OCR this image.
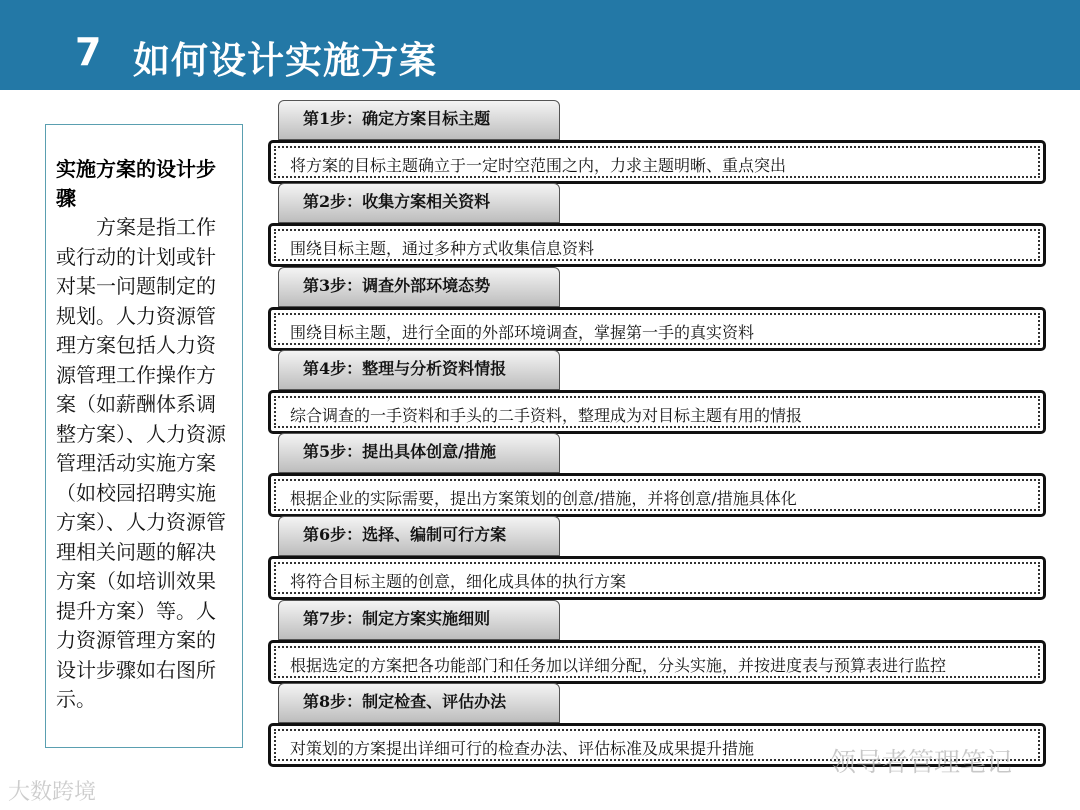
7 如何设计实施方案
实施方案的设计步骤
方案是指工作或行动的计划或针对某一问题制定的规划。人力资源管理方案包括人力资源管理工作操作方案（如薪酬体系调整方案）、人力资源管理活动实施方案（如校园招聘实施方案）、人力资源管理相关问题的解决方案（如培训效果提升方案）等。人力资源管理方案的设计步骤如右图所示。
第1步：确定方案目标主题
将方案的目标主题确立于一定时空范围之内，力求主题明晰、重点突出
第2步：收集方案相关资料
围绕目标主题，通过多种方式收集信息资料
第3步：调查外部环境态势
围绕目标主题，进行全面的外部环境调查，掌握第一手的真实资料
第4步：整理与分析资料情报
综合调查的一手资料和手头的二手资料，整理成为对目标主题有用的情报
第5步：提出具体创意/措施
根据企业的实际需要，提出方案策划的创意/措施，并将创意/措施具体化
第6步：选择、编制可行方案
将符合目标主题的创意，细化成具体的执行方案
第7步：制定方案实施细则
根据选定的方案把各功能部门和任务加以详细分配，分头实施，并按进度表与预算表进行监控
第8步：制定检查、评估办法
对策划的方案提出详细可行的检查办法、评估标准及成果提升措施	领导者管理笔记
大数跨境
